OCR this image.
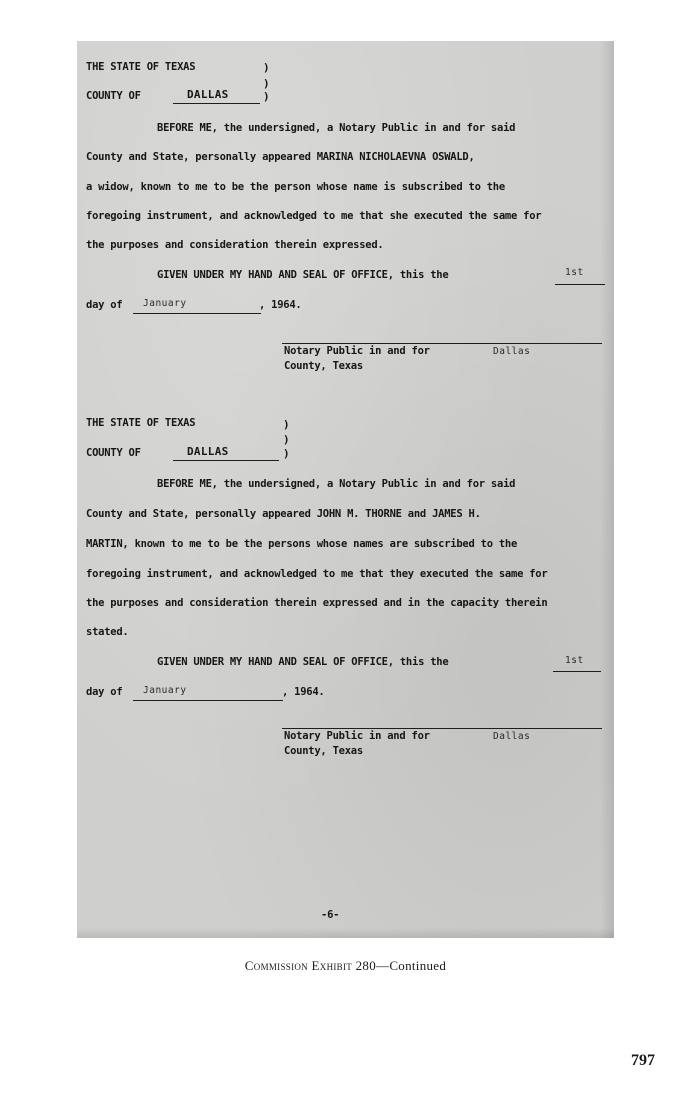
THE STATE OF TEXAS	)
)
COUNTY OF	DALLAS	)
BEFORE ME, the undersigned, a Notary Public in and for said
County and State, personally appeared MARINA NICHOLAEVNA OSWALD,
a widow, known to me to be the person whose name is subscribed to the
foregoing instrument, and acknowledged to me that she executed the same for
the purposes and consideration therein expressed.
GIVEN UNDER MY HAND AND SEAL OF OFFICE, this the	1st
day of January	, 1964.
Notary Public in and for	Dallas
County, Texas
THE STATE OF TEXAS	)
)
COUNTY OF	DALLAS	)
BEFORE ME, the undersigned, a Notary Public in and for said
County and State, personally appeared JOHN M. THORNE and JAMES H.
MARTIN, known to me to be the persons whose names are subscribed to the
foregoing instrument, and acknowledged to me that they executed the same for
the purposes and consideration therein expressed and in the capacity therein
stated.
GIVEN UNDER MY HAND AND SEAL OF OFFICE, this the	1st
day of January	, 1964.
Notary Public in and for	Dallas
County, Texas
-6-
Commission Exhibit 280—Continued
797
